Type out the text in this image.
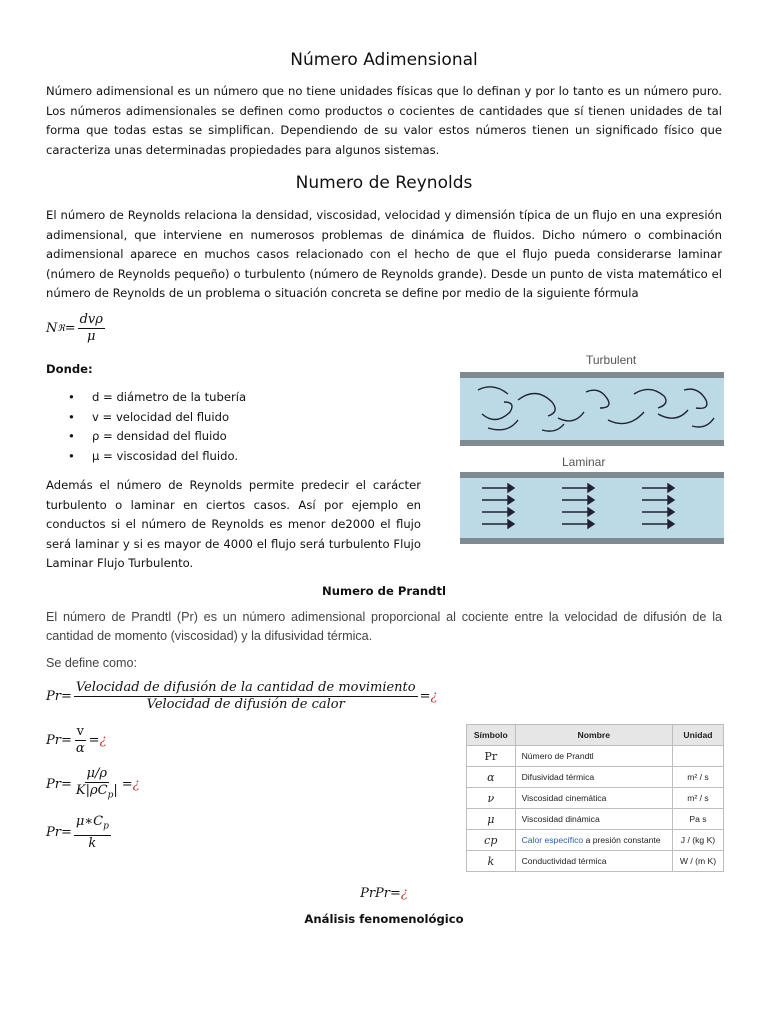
Número Adimensional

Número adimensional es un número que no tiene unidades físicas que lo definan y por lo tanto es un número puro. Los números adimensionales se definen como productos o cocientes de cantidades que sí tienen unidades de tal forma que todas estas se simplifican. Dependiendo de su valor estos números tienen un significado físico que caracteriza unas determinadas propiedades para algunos sistemas.

Numero de Reynolds

El número de Reynolds relaciona la densidad, viscosidad, velocidad y dimensión típica de un flujo en una expresión adimensional, que interviene en numerosos problemas de dinámica de fluidos. Dicho número o combinación adimensional aparece en muchos casos relacionado con el hecho de que el flujo pueda considerarse laminar (número de Reynolds pequeño) o turbulento (número de Reynolds grande). Desde un punto de vista matemático el número de Reynolds de un problema o situación concreta se define por medio de la siguiente fórmula

N ℜ = $\frac{\text{dvρ}}{\mu}$
Donde:
• d = diámetro de la tubería
• v = velocidad del fluido
• ρ = densidad del fluido
• μ = viscosidad del fluido.

Además el número de Reynolds permite predecir el carácter turbulento o laminar en ciertos casos. Así por ejemplo en conductos si el número de Reynolds es menor de2000 el flujo será laminar y si es mayor de 4000 el flujo será turbulento Flujo Laminar Flujo Turbulento.

Turbulent
Laminar
Numero de Prandtl

El número de Prandtl (Pr) es un número adimensional proporcional al cociente entre la velocidad de difusión de la cantidad de momento (viscosidad) y la difusividad térmica.

Se define como:
$Pr = \frac{\text{Velocidad de difusión de la cantidad de movimiento}}{\text{Velocidad de difusión de calor}}$ = ¿
$Pr = \frac{v}{\alpha}$ = ¿
$Pr = \frac{\mu/\rho}{K|\rho C_p|}$ = ¿
$Pr = \frac{\mu∗C_p}{k}$
Símbolo	Nombre	Unidad
Pr	Número de Prandtl	
α	Difusividad térmica	m² / s
ν	Viscosidad cinemática	m² / s
μ	Viscosidad dinámica	Pa s
cp	Calor específico a presión constante	J / (kg K)
k	Conductividad térmica	W / (m K)
PrPr=¿
Análisis fenomenológico
